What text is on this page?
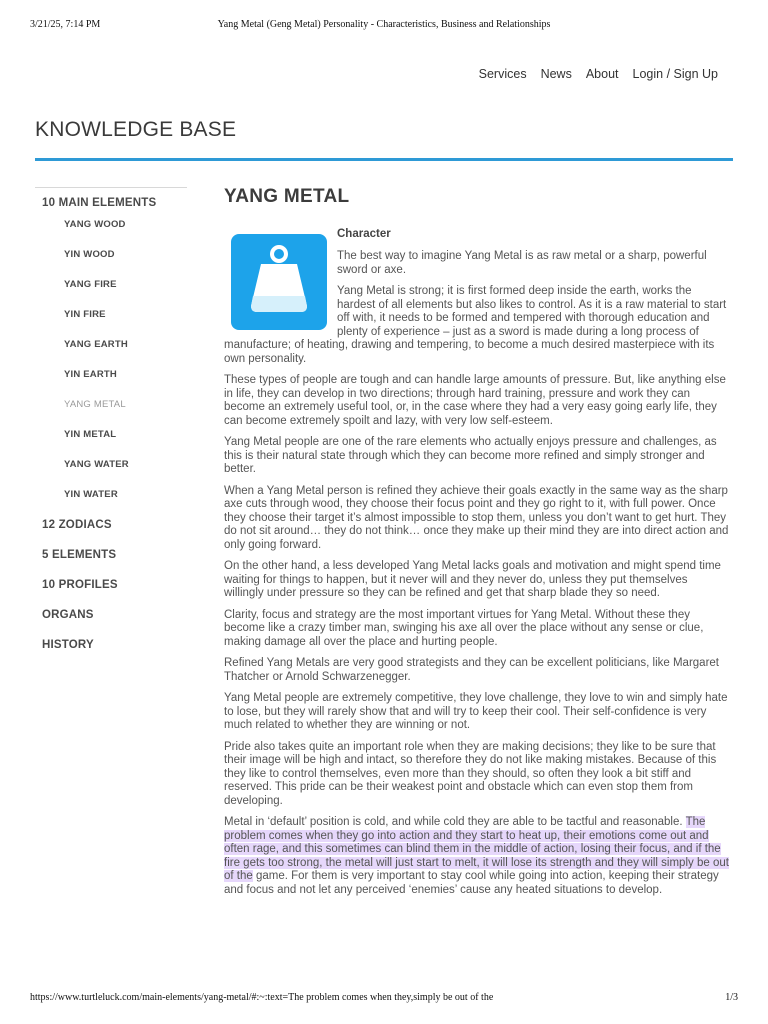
3/21/25, 7:14 PM	Yang Metal (Geng Metal) Personality - Characteristics, Business and Relationships
Services News About Login / Sign Up
KNOWLEDGE BASE
10 MAIN ELEMENTS
YANG WOOD
YIN WOOD
YANG FIRE
YIN FIRE
YANG EARTH
YIN EARTH
YANG METAL
YIN METAL
YANG WATER
YIN WATER
12 ZODIACS
5 ELEMENTS
10 PROFILES
ORGANS
HISTORY
YANG METAL
Character

The best way to imagine Yang Metal is as raw metal or a sharp, powerful sword or axe.

Yang Metal is strong; it is first formed deep inside the earth, works the hardest of all elements but also likes to control. As it is a raw material to start off with, it needs to be formed and tempered with thorough education and plenty of experience – just as a sword is made during a long process of manufacture; of heating, drawing and tempering, to become a much desired masterpiece with its own personality.

These types of people are tough and can handle large amounts of pressure. But, like anything else in life, they can develop in two directions; through hard training, pressure and work they can become an extremely useful tool, or, in the case where they had a very easy going early life, they can become extremely spoilt and lazy, with very low self-esteem.

Yang Metal people are one of the rare elements who actually enjoys pressure and challenges, as this is their natural state through which they can become more refined and simply stronger and better.

When a Yang Metal person is refined they achieve their goals exactly in the same way as the sharp axe cuts through wood, they choose their focus point and they go right to it, with full power. Once they choose their target it’s almost impossible to stop them, unless you don’t want to get hurt. They do not sit around… they do not think… once they make up their mind they are into direct action and only going forward.

On the other hand, a less developed Yang Metal lacks goals and motivation and might spend time waiting for things to happen, but it never will and they never do, unless they put themselves willingly under pressure so they can be refined and get that sharp blade they so need.

Clarity, focus and strategy are the most important virtues for Yang Metal. Without these they become like a crazy timber man, swinging his axe all over the place without any sense or clue, making damage all over the place and hurting people.

Refined Yang Metals are very good strategists and they can be excellent politicians, like Margaret Thatcher or Arnold Schwarzenegger.

Yang Metal people are extremely competitive, they love challenge, they love to win and simply hate to lose, but they will rarely show that and will try to keep their cool. Their self-confidence is very much related to whether they are winning or not.

Pride also takes quite an important role when they are making decisions; they like to be sure that their image will be high and intact, so therefore they do not like making mistakes. Because of this they like to control themselves, even more than they should, so often they look a bit stiff and reserved. This pride can be their weakest point and obstacle which can even stop them from developing.

Metal in ‘default’ position is cold, and while cold they are able to be tactful and reasonable. The problem comes when they go into action and they start to heat up, their emotions come out and often rage, and this sometimes can blind them in the middle of action, losing their focus, and if the fire gets too strong, the metal will just start to melt, it will lose its strength and they will simply be out of the game. For them is very important to stay cool while going into action, keeping their strategy and focus and not let any perceived ‘enemies’ cause any heated situations to develop.

https://www.turtleluck.com/main-elements/yang-metal/#:~:text=The problem comes when they,simply be out of the	1/3
